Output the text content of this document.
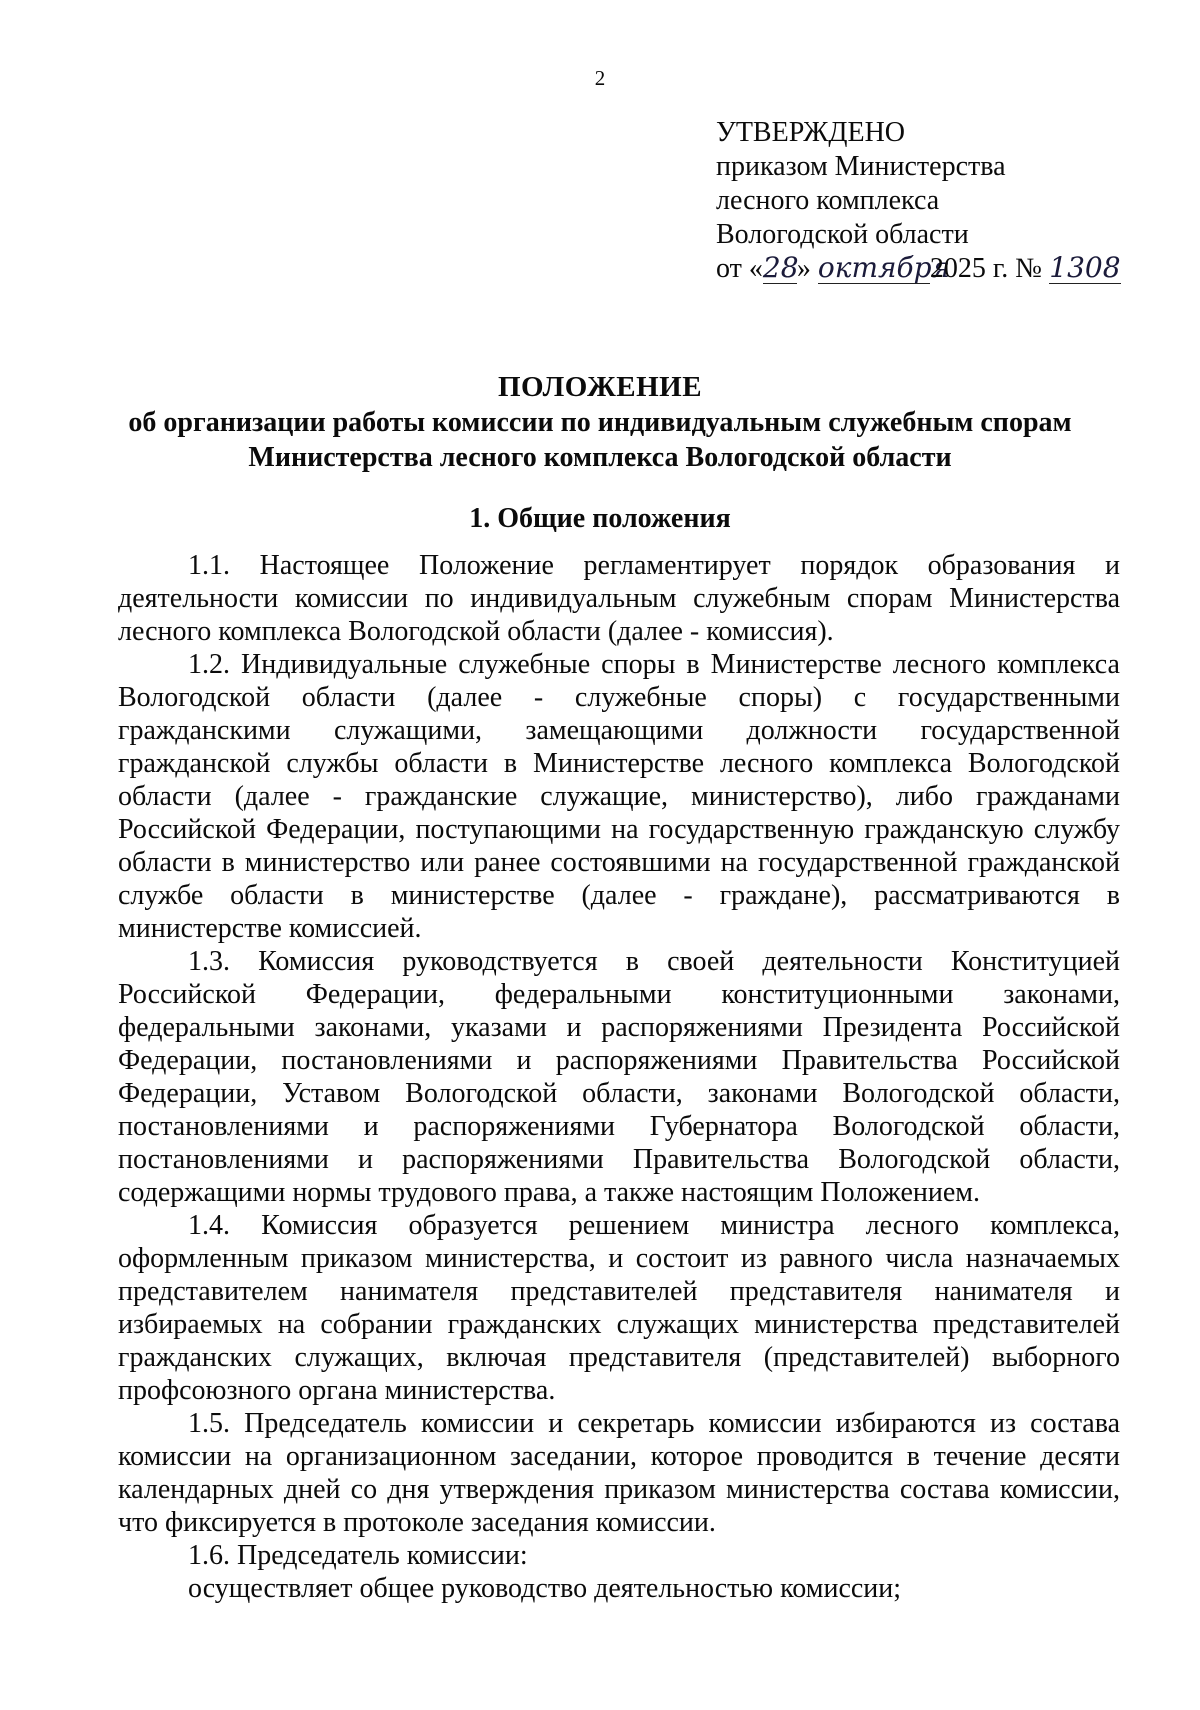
2
УТВЕРЖДЕНО
приказом Министерства
лесного комплекса
Вологодской области
от «28» октября2025 г. № 1308
ПОЛОЖЕНИЕ
об организации работы комиссии по индивидуальным служебным спорам
Министерства лесного комплекса Вологодской области
1. Общие положения

1.1. Настоящее Положение регламентирует порядок образования и деятельности комиссии по индивидуальным служебным спорам Министерства лесного комплекса Вологодской области (далее - комиссия).

1.2. Индивидуальные служебные споры в Министерстве лесного комплекса Вологодской области (далее - служебные споры) с государственными гражданскими служащими, замещающими должности государственной гражданской службы области в Министерстве лесного комплекса Вологодской области (далее - гражданские служащие, министерство), либо гражданами Российской Федерации, поступающими на государственную гражданскую службу области в министерство или ранее состоявшими на государственной гражданской службе области в министерстве (далее - граждане), рассматриваются в министерстве комиссией.

1.3. Комиссия руководствуется в своей деятельности Конституцией Российской Федерации, федеральными конституционными законами, федеральными законами, указами и распоряжениями Президента Российской Федерации, постановлениями и распоряжениями Правительства Российской Федерации, Уставом Вологодской области, законами Вологодской области, постановлениями и распоряжениями Губернатора Вологодской области, постановлениями и распоряжениями Правительства Вологодской области, содержащими нормы трудового права, а также настоящим Положением.

1.4. Комиссия образуется решением министра лесного комплекса, оформленным приказом министерства, и состоит из равного числа назначаемых представителем нанимателя представителей представителя нанимателя и избираемых на собрании гражданских служащих министерства представителей гражданских служащих, включая представителя (представителей) выборного профсоюзного органа министерства.

1.5. Председатель комиссии и секретарь комиссии избираются из состава комиссии на организационном заседании, которое проводится в течение десяти календарных дней со дня утверждения приказом министерства состава комиссии, что фиксируется в протоколе заседания комиссии.

1.6. Председатель комиссии:

осуществляет общее руководство деятельностью комиссии;
